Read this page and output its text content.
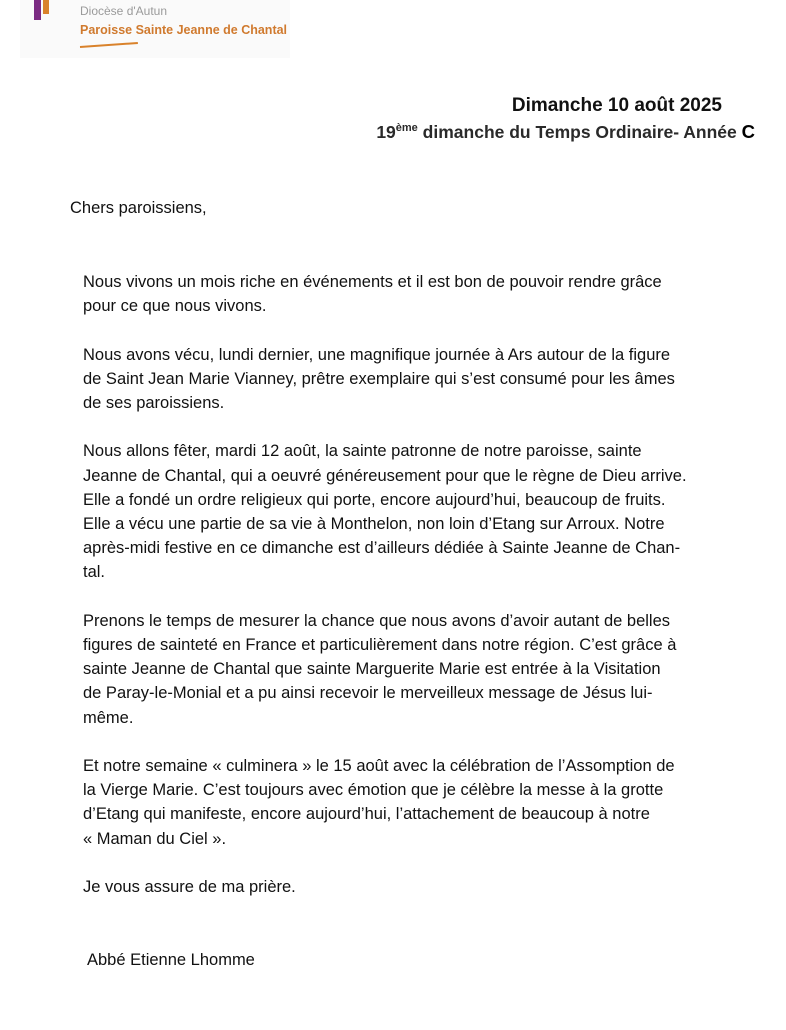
Diocèse d'Autun
Paroisse Sainte Jeanne de Chantal
Dimanche 10 août 2025
19ème dimanche du Temps Ordinaire- Année C
Chers paroissiens,

Nous vivons un mois riche en événements et il est bon de pouvoir rendre grâce
pour ce que nous vivons.

Nous avons vécu, lundi dernier, une magnifique journée à Ars autour de la figure
de Saint Jean Marie Vianney, prêtre exemplaire qui s’est consumé pour les âmes
de ses paroissiens.

Nous allons fêter, mardi 12 août, la sainte patronne de notre paroisse, sainte
Jeanne de Chantal, qui a oeuvré généreusement pour que le règne de Dieu arrive.
Elle a fondé un ordre religieux qui porte, encore aujourd’hui, beaucoup de fruits.
Elle a vécu une partie de sa vie à Monthelon, non loin d’Etang sur Arroux. Notre
après-midi festive en ce dimanche est d’ailleurs dédiée à Sainte Jeanne de Chan-
tal.

Prenons le temps de mesurer la chance que nous avons d’avoir autant de belles
figures de sainteté en France et particulièrement dans notre région. C’est grâce à
sainte Jeanne de Chantal que sainte Marguerite Marie est entrée à la Visitation
de Paray-le-Monial et a pu ainsi recevoir le merveilleux message de Jésus lui-
même.

Et notre semaine « culminera » le 15 août avec la célébration de l’Assomption de
la Vierge Marie. C’est toujours avec émotion que je célèbre la messe à la grotte
d’Etang qui manifeste, encore aujourd’hui, l’attachement de beaucoup à notre
« Maman du Ciel ».

Je vous assure de ma prière.

Abbé Etienne Lhomme
